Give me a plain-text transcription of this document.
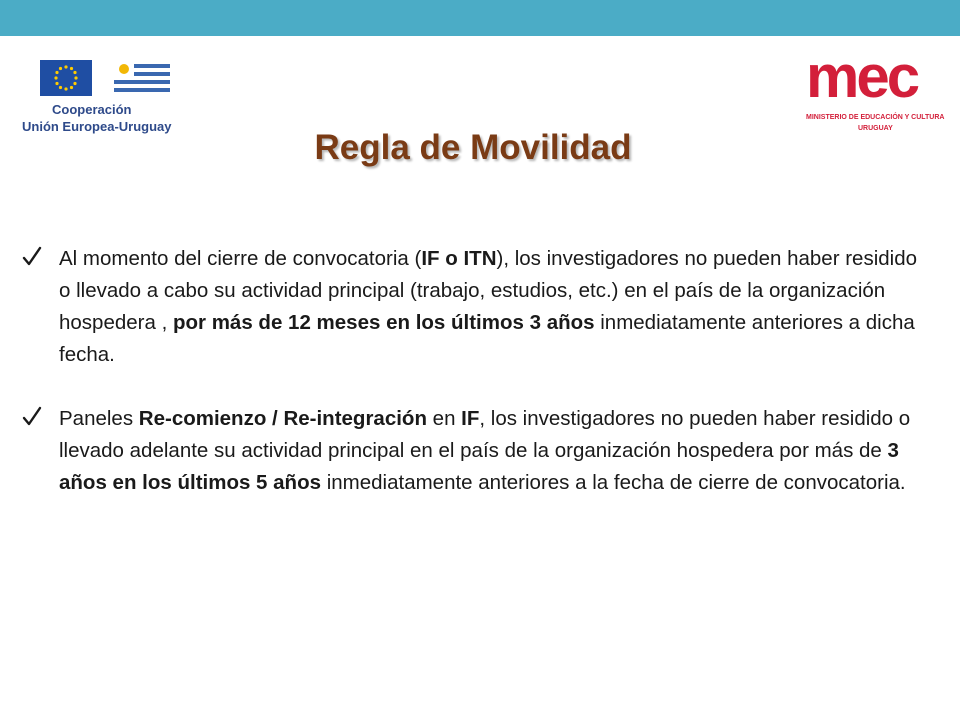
Cooperación
Unión Europea-Uruguay
mec
MINISTERIO DE EDUCACIÓN Y CULTURA
URUGUAY
Regla de Movilidad
Al momento del cierre de convocatoria (IF o ITN), los investigadores no pueden haber residido o llevado a cabo su actividad principal (trabajo, estudios, etc.) en el país de la organización hospedera , por más de 12 meses en los últimos 3 años inmediatamente anteriores a dicha fecha.
Paneles Re-comienzo / Re-integración en IF, los investigadores no pueden haber residido o llevado adelante su actividad principal en el país de la organización hospedera por más de 3 años en los últimos 5 años inmediatamente anteriores a la fecha de cierre de convocatoria.
